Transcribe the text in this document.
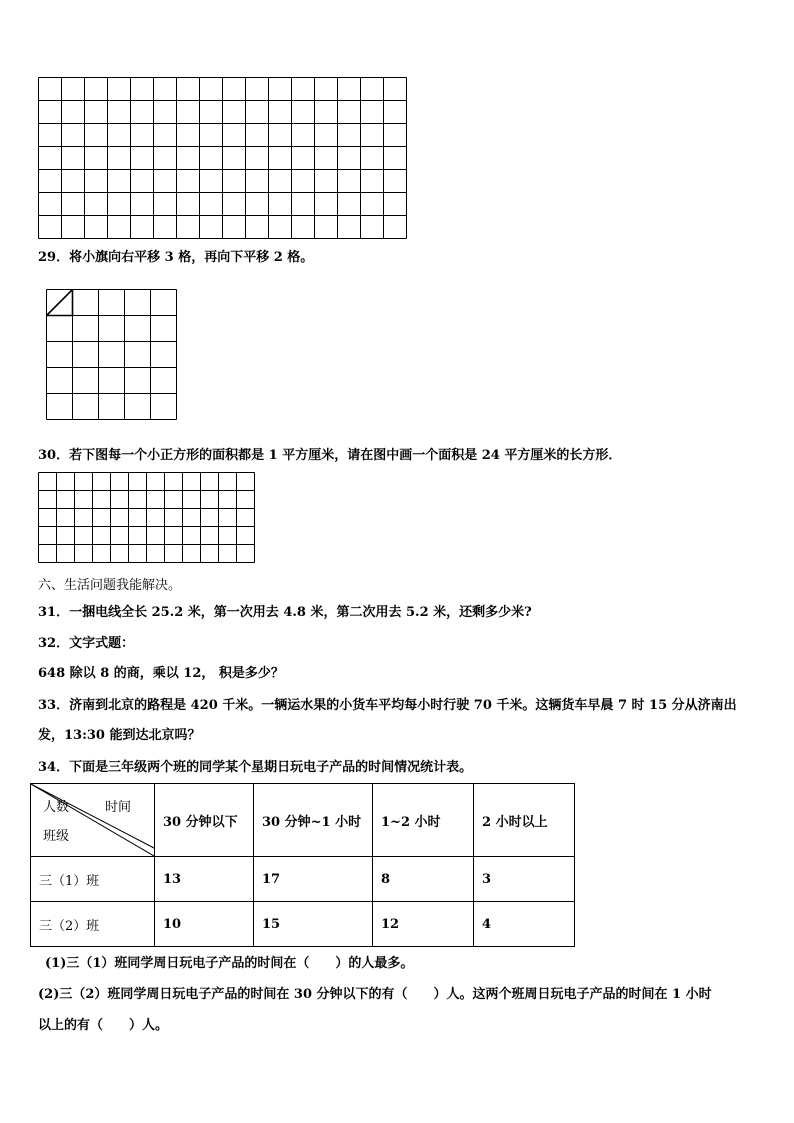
29．将小旗向右平移 3 格，再向下平移 2 格。
30．若下图每一个小正方形的面积都是 1 平方厘米，请在图中画一个面积是 24 平方厘米的长方形．
六、生活问题我能解决。
31．一捆电线全长 25.2 米，第一次用去 4.8 米，第二次用去 5.2 米，还剩多少米?
32．文字式题：
648 除以 8 的商，乘以 12， 积是多少？
33．济南到北京的路程是 420 千米。一辆运水果的小货车平均每小时行驶 70 千米。这辆货车早晨 7 时 15 分从济南出
发，13:30 能到达北京吗？
34．下面是三年级两个班的同学某个星期日玩电子产品的时间情况统计表。
人数 时间
班级	30 分钟以下	30 分钟~1 小时	1~2 小时	2 小时以上
三（1）班	13	17	8	3
三（2）班	10	15	12	4
(1)三（1）班同学周日玩电子产品的时间在（　　）的人最多。
(2)三（2）班同学周日玩电子产品的时间在 30 分钟以下的有（　　）人。这两个班周日玩电子产品的时间在 1 小时
以上的有（　　）人。
